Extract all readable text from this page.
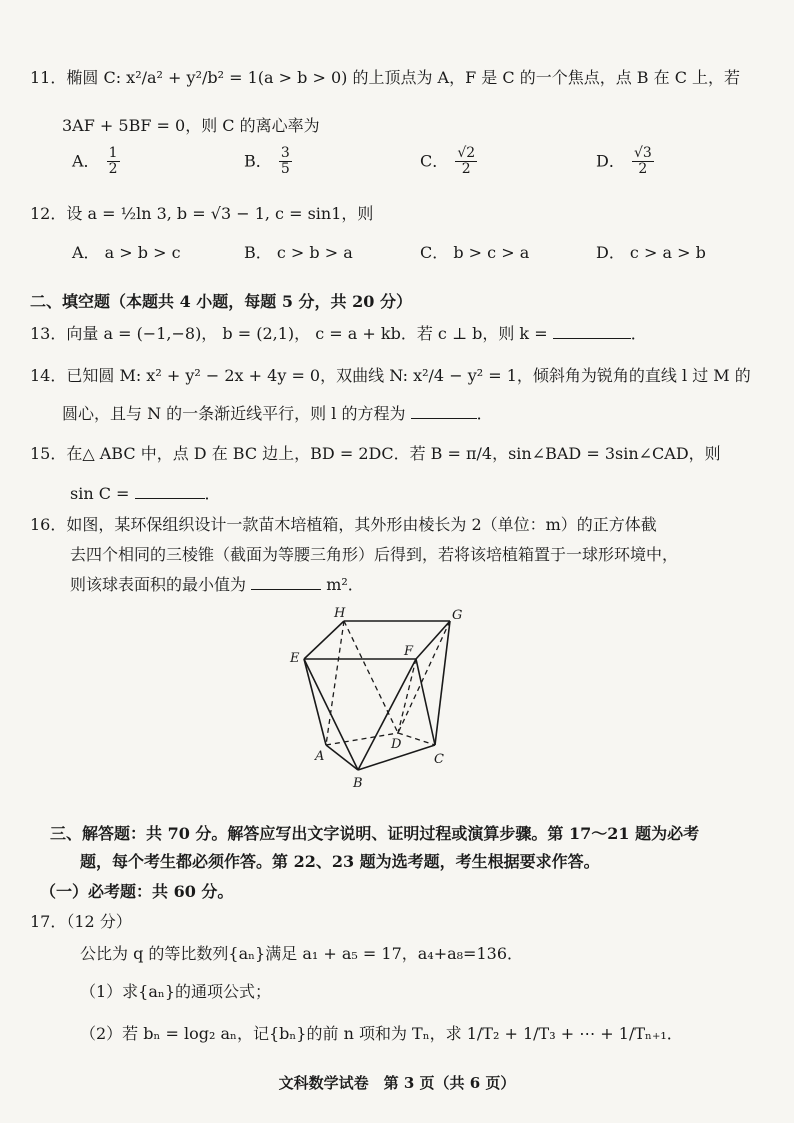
11．椭圆 C: x²/a² + y²/b² = 1(a > b > 0) 的上顶点为 A，F 是 C 的一个焦点，点 B 在 C 上，若
3AF + 5BF = 0，则 C 的离心率为
A． $\frac{1}{2}$	B． $\frac{3}{5}$	C． $\frac{√2}{2}$	D． $\frac{√3}{2}$
12．设 a = ½ln 3, b = √3 − 1, c = sin1，则
A． a > b > c	B． c > b > a	C． b > c > a	D． c > a > b
二、填空题（本题共 4 小题，每题 5 分，共 20 分）
13．向量 a = (−1,−8)， b = (2,1)， c = a + kb．若 c ⊥ b，则 k =	．
14．已知圆 M: x² + y² − 2x + 4y = 0，双曲线 N: x²/4 − y² = 1，倾斜角为锐角的直线 l 过 M 的
圆心，且与 N 的一条渐近线平行，则 l 的方程为	．
15．在△ ABC 中，点 D 在 BC 边上，BD = 2DC．若 B = π/4，sin∠BAD = 3sin∠CAD，则
sin C =	．
16．如图，某环保组织设计一款苗木培植箱，其外形由棱长为 2（单位：m）的正方体截
去四个相同的三棱锥（截面为等腰三角形）后得到，若将该培植箱置于一球形环境中，
则该球表面积的最小值为	m²．
H	G
E	F
D
A
B
C
三、解答题：共 70 分。解答应写出文字说明、证明过程或演算步骤。第 17～21 题为必考
题，每个考生都必须作答。第 22、23 题为选考题，考生根据要求作答。
（一）必考题：共 60 分。
17．（12 分）
公比为 q 的等比数列{aₙ}满足 a₁ + a₅ = 17，a₄+a₈=136．
（1）求{aₙ}的通项公式；
（2）若 bₙ = log₂ aₙ，记{bₙ}的前 n 项和为 Tₙ，求 1/T₂ + 1/T₃ + ⋯ + 1/Tₙ₊₁．
文科数学试卷　第 3 页（共 6 页）
